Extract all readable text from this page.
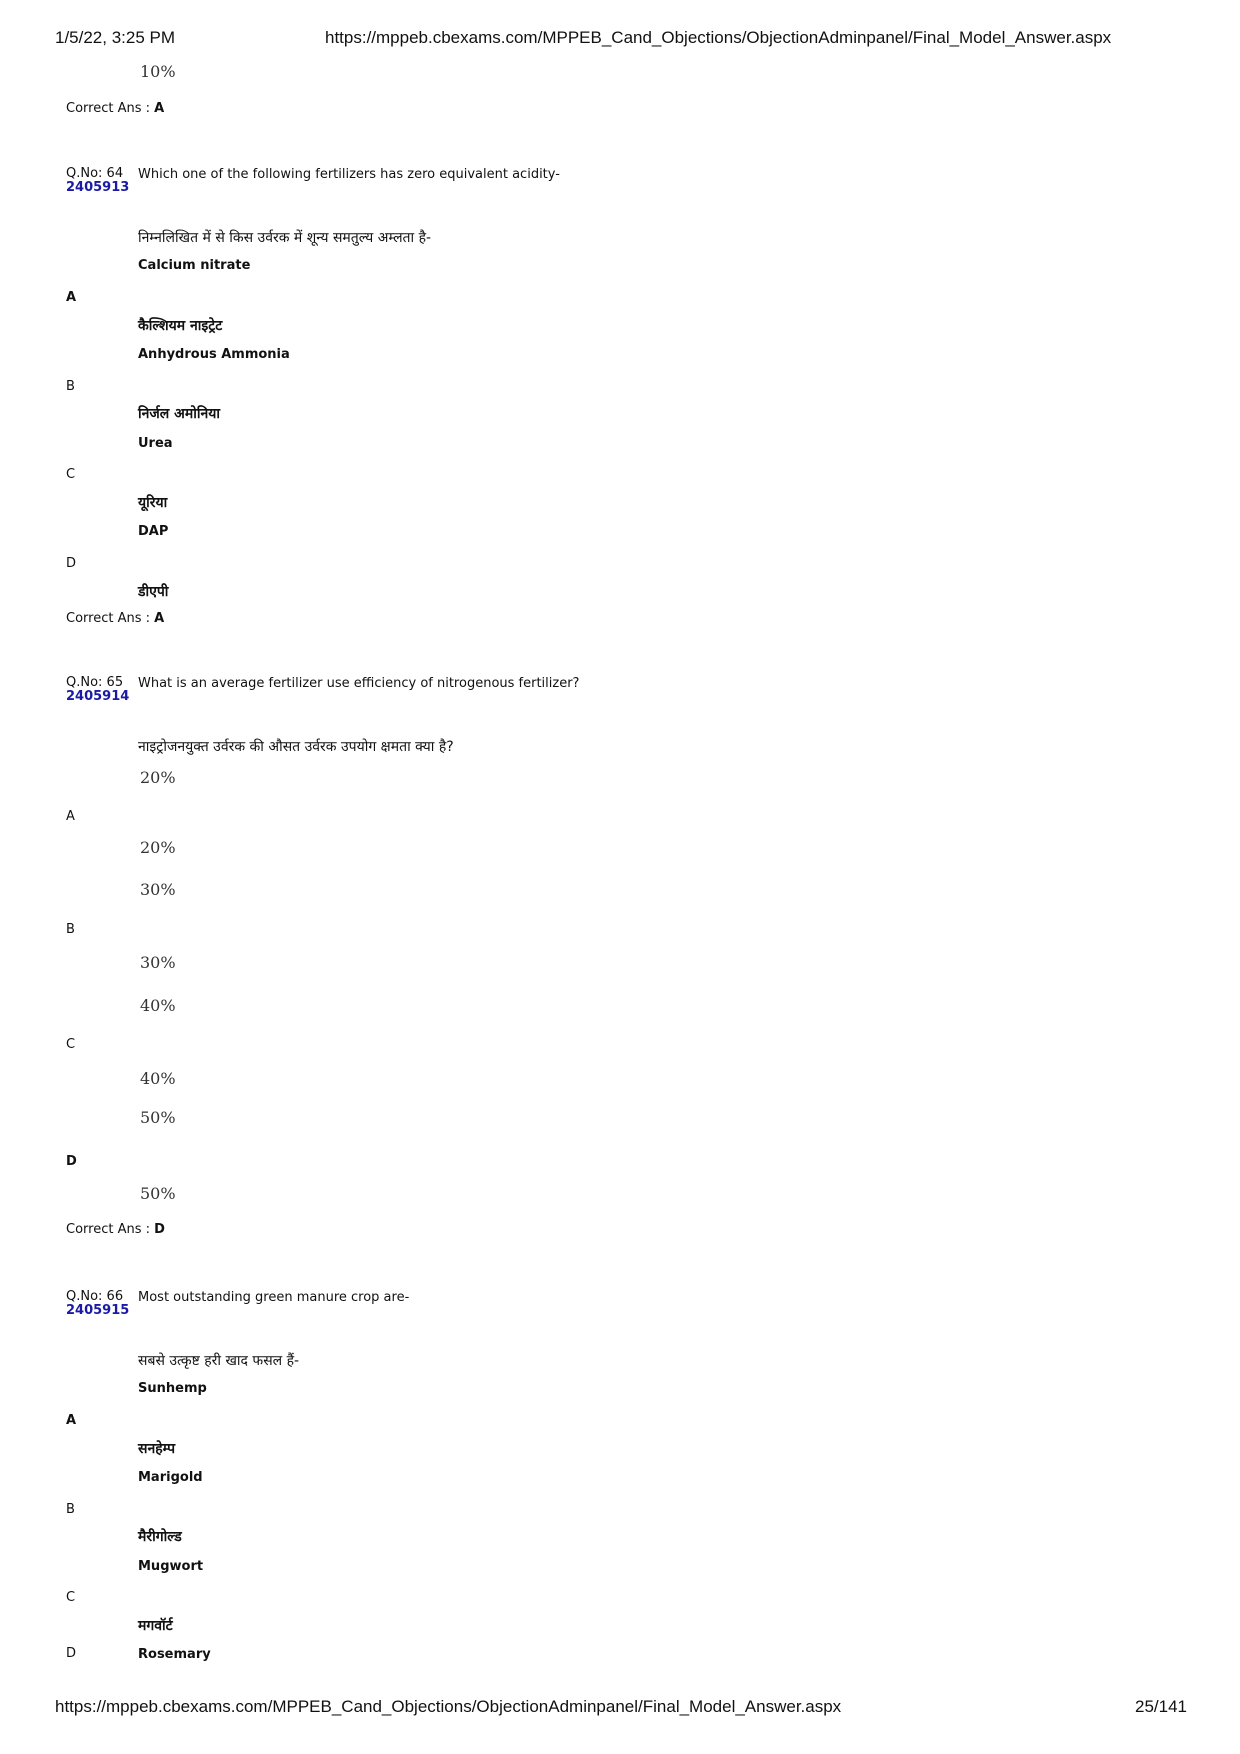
1/5/22, 3:25 PM	https://mppeb.cbexams.com/MPPEB_Cand_Objections/ObjectionAdminpanel/Final_Model_Answer.aspx
10%
Correct Ans : A
Q.No: 64
2405913
Which one of the following fertilizers has zero equivalent acidity-
निम्नलिखित में से किस उर्वरक में शून्य समतुल्य अम्लता है-
Calcium nitrate
A
कैल्शियम नाइट्रेट
Anhydrous Ammonia
B
निर्जल अमोनिया
Urea
C
यूरिया
DAP
D
डीएपी
Correct Ans : A
Q.No: 65
2405914
What is an average fertilizer use efficiency of nitrogenous fertilizer?
नाइट्रोजनयुक्त उर्वरक की औसत उर्वरक उपयोग क्षमता क्या है?
20%
A
20%
30%
B
30%
40%
C
40%
50%
D
50%
Correct Ans : D
Q.No: 66
2405915
Most outstanding green manure crop are-
सबसे उत्कृष्ट हरी खाद फसल हैं-
Sunhemp
A
सनहेम्प
Marigold
B
मैरीगोल्ड
Mugwort
C
मगवॉर्ट
D	Rosemary
https://mppeb.cbexams.com/MPPEB_Cand_Objections/ObjectionAdminpanel/Final_Model_Answer.aspx	25/141
